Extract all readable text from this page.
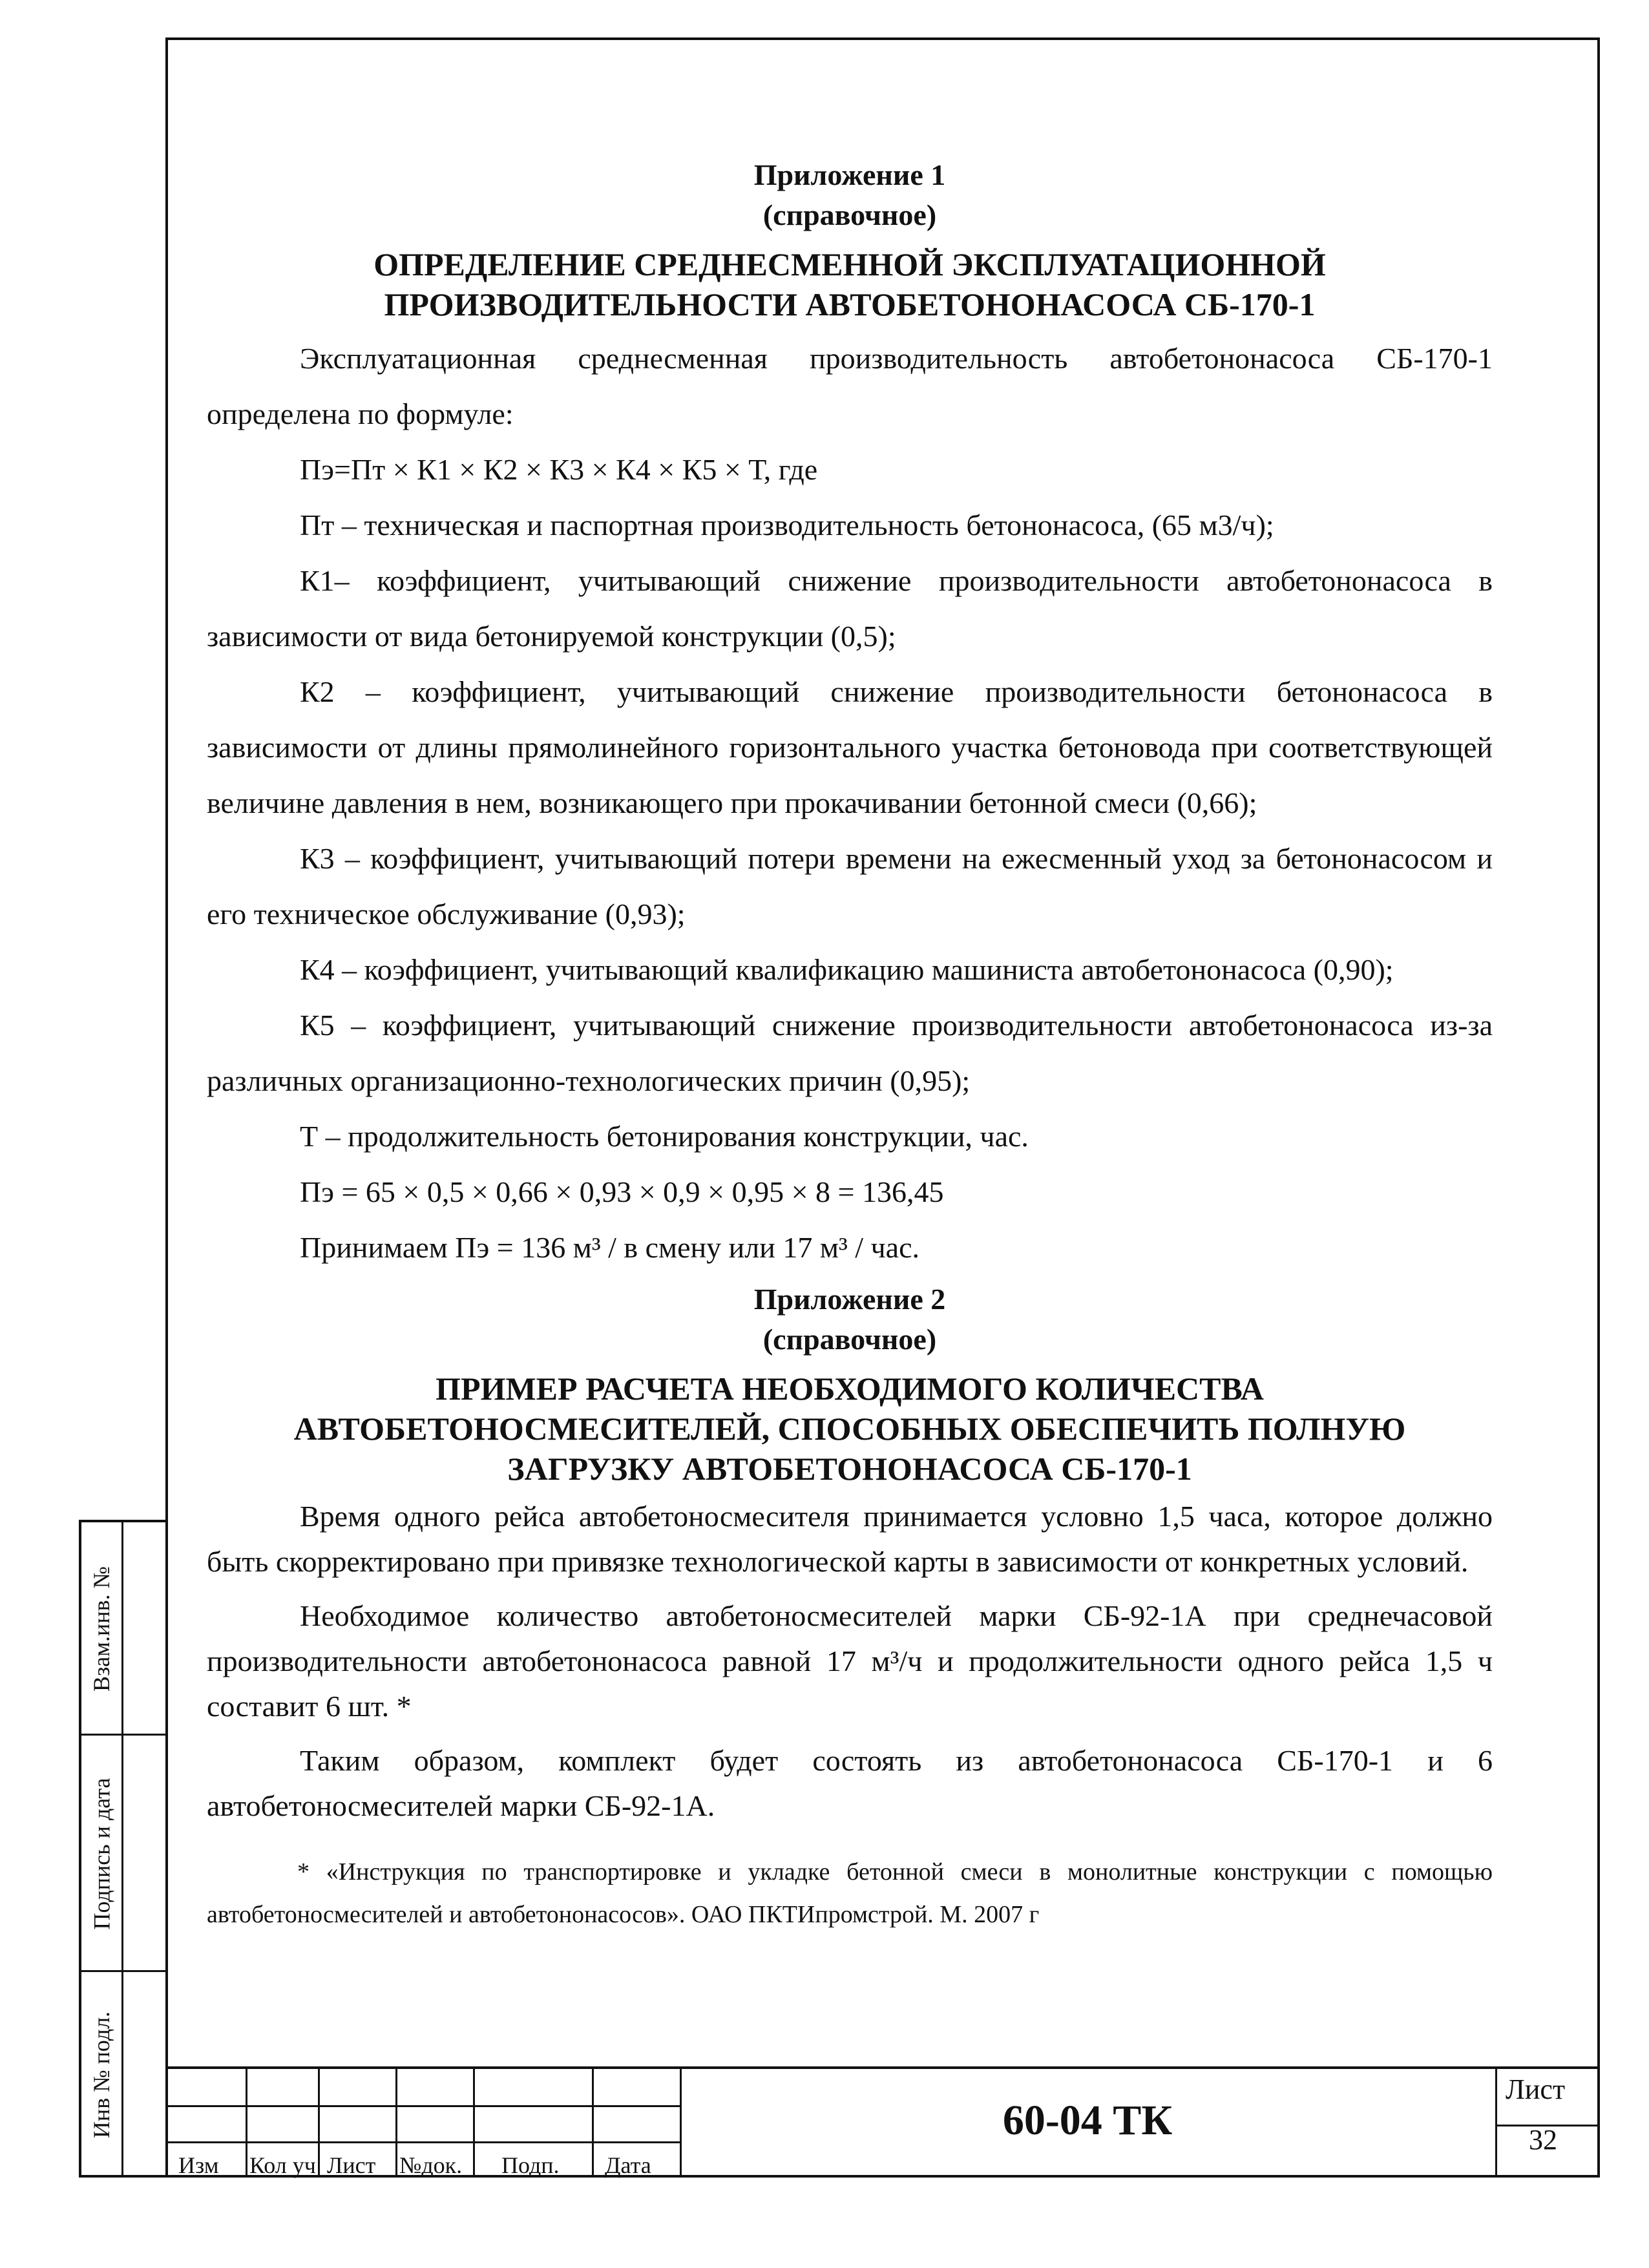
Приложение 1
(справочное)
ОПРЕДЕЛЕНИЕ СРЕДНЕСМЕННОЙ ЭКСПЛУАТАЦИОННОЙ
ПРОИЗВОДИТЕЛЬНОСТИ АВТОБЕТОНОНАСОСА СБ-170-1

Эксплуатационная среднесменная производительность автобетононасоса СБ-170-1 определена по формуле:

Пэ=Пт × К1 × К2 × К3 × К4 × К5 × Т, где

Пт – техническая и паспортная производительность бетононасоса, (65 м3/ч);

К1– коэффициент, учитывающий снижение производительности автобетононасоса в зависимости от вида бетонируемой конструкции (0,5);

К2 – коэффициент, учитывающий снижение производительности бетононасоса в зависимости от длины прямолинейного горизонтального участка бетоновода при соответствующей величине давления в нем, возникающего при прокачивании бетонной смеси (0,66);

К3 – коэффициент, учитывающий потери времени на ежесменный уход за бетононасосом и его техническое обслуживание (0,93);

К4 – коэффициент, учитывающий квалификацию машиниста автобетононасоса (0,90);

К5 – коэффициент, учитывающий снижение производительности автобетононасоса из-за различных организационно-технологических причин (0,95);

Т – продолжительность бетонирования конструкции, час.

Пэ = 65 × 0,5 × 0,66 × 0,93 × 0,9 × 0,95 × 8 = 136,45

Принимаем Пэ = 136 м³ / в смену или 17 м³ / час.

Приложение 2
(справочное)
ПРИМЕР РАСЧЕТА НЕОБХОДИМОГО КОЛИЧЕСТВА
АВТОБЕТОНОСМЕСИТЕЛЕЙ, СПОСОБНЫХ ОБЕСПЕЧИТЬ ПОЛНУЮ
ЗАГРУЗКУ АВТОБЕТОНОНАСОСА СБ-170-1

Время одного рейса автобетоносмесителя принимается условно 1,5 часа, которое должно быть скорректировано при привязке технологической карты в зависимости от конкретных условий.

Необходимое количество автобетоносмесителей марки СБ-92-1А при среднечасовой производительности автобетононасоса равной 17 м³/ч и продолжительности одного рейса 1,5 ч составит 6 шт. *

Таким образом, комплект будет состоять из автобетононасоса СБ-170-1 и 6 автобетоносмесителей марки СБ-92-1А.

* «Инструкция по транспортировке и укладке бетонной смеси в монолитные конструкции с помощью автобетоносмесителей и автобетононасосов». ОАО ПКТИпромстрой. М. 2007 г

Взам.инв. №
Подпись и дата
Инв № подл.
Изм Кол уч Лист №док. Подп. Дата
60-04 ТК
Лист
32
